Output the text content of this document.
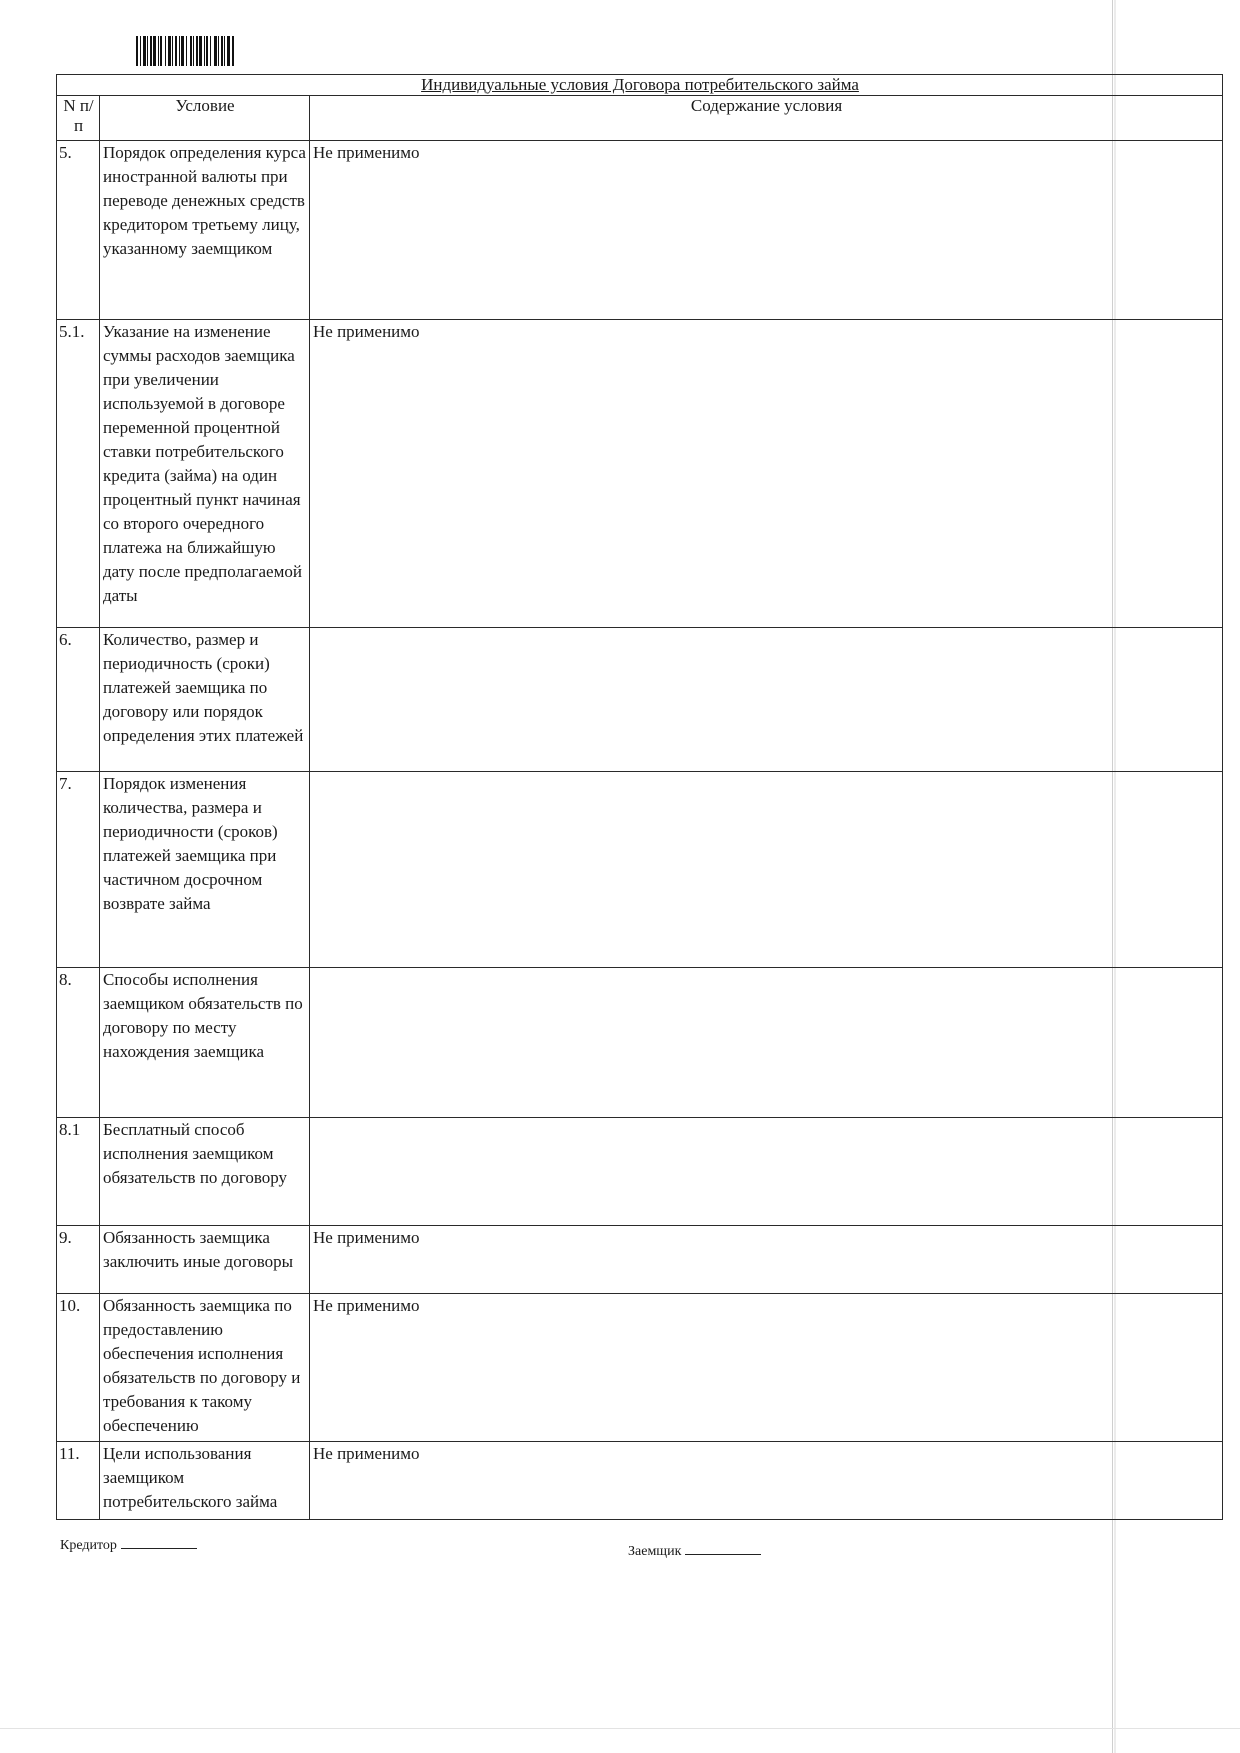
Индивидуальные условия Договора потребительского займа		
N п/п	Условие	Содержание условия
5.	Порядок определения курса иностранной валюты при переводе денежных средств кредитором третьему лицу, указанному заемщиком	Не применимо
5.1.	Указание на изменение суммы расходов заемщика при увеличении используемой в договоре переменной процентной ставки потребительского кредита (займа) на один процентный пункт начиная со второго очередного платежа на ближайшую дату после предполагаемой даты	Не применимо
6.	Количество, размер и периодичность (сроки) платежей заемщика по договору или порядок определения этих платежей	
7.	Порядок изменения количества, размера и периодичности (сроков) платежей заемщика при частичном досрочном возврате займа	
8.	Способы исполнения заемщиком обязательств по договору по месту нахождения заемщика	
8.1	Бесплатный способ исполнения заемщиком обязательств по договору	
9.	Обязанность заемщика заключить иные договоры	Не применимо
10.	Обязанность заемщика по предоставлению обеспечения исполнения обязательств по договору и требования к такому обеспечению	Не применимо
11.	Цели использования заемщиком потребительского займа	Не применимо
Кредитор	Заемщик
